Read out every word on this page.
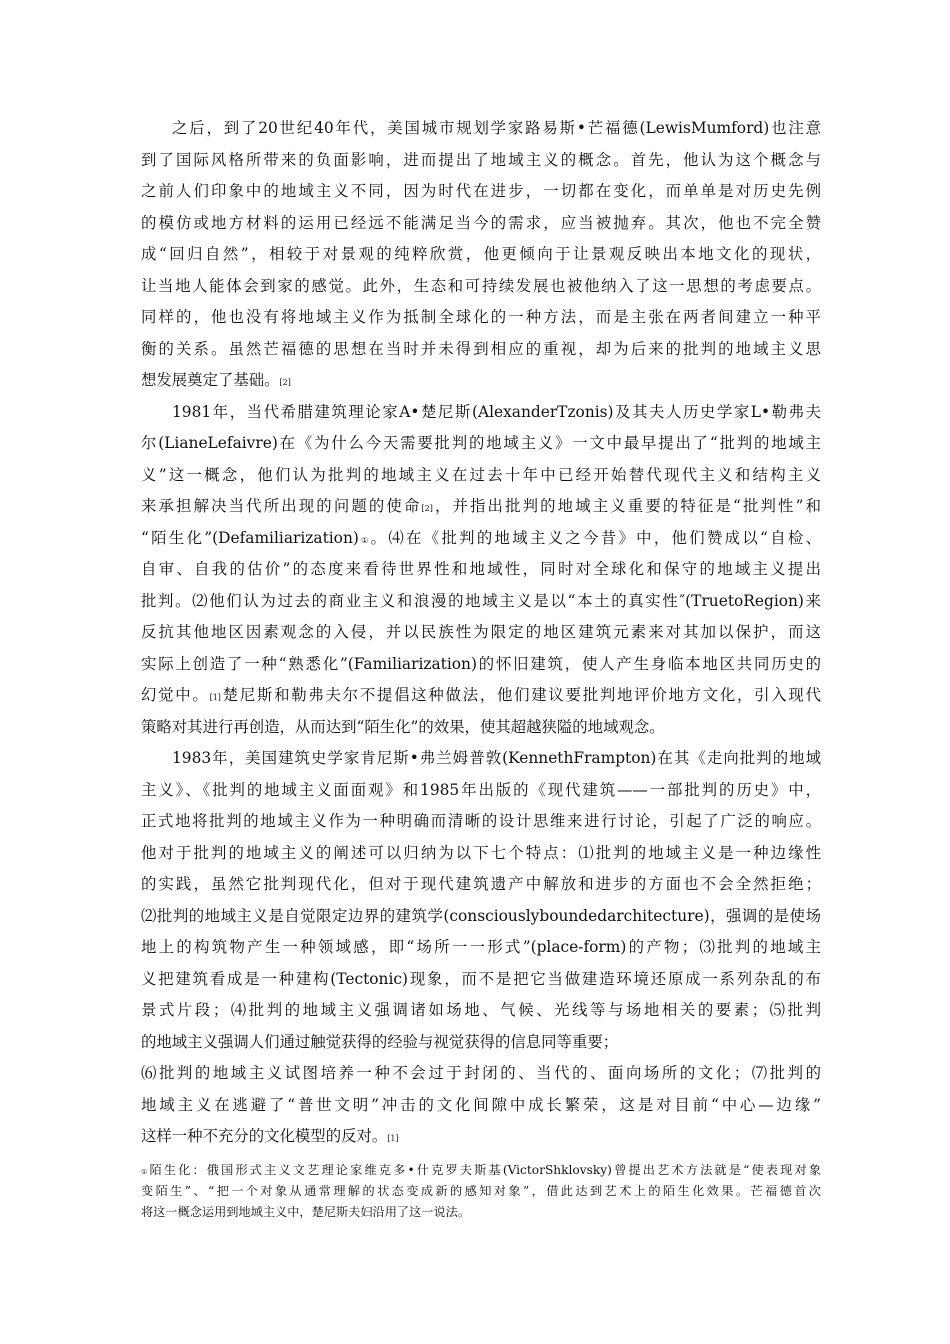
之后，到了20世纪40年代，美国城市规划学家路易斯•芒福德(LewisMumford)也注意
到了国际风格所带来的负面影响，进而提出了地域主义的概念。首先，他认为这个概念与
之前人们印象中的地域主义不同，因为时代在进步，一切都在变化，而单单是对历史先例
的模仿或地方材料的运用已经远不能满足当今的需求，应当被抛弃。其次，他也不完全赞
成“回归自然”，相较于对景观的纯粹欣赏，他更倾向于让景观反映出本地文化的现状，
让当地人能体会到家的感觉。此外，生态和可持续发展也被他纳入了这一思想的考虑要点。
同样的，他也没有将地域主义作为抵制全球化的一种方法，而是主张在两者间建立一种平
衡的关系。虽然芒福德的思想在当时并未得到相应的重视，却为后来的批判的地域主义思
想发展奠定了基础。[2]
1981年，当代希腊建筑理论家A•楚尼斯(AlexanderTzonis)及其夫人历史学家L•勒弗夫
尔(LianeLefaivre)在《为什么今天需要批判的地域主义》一文中最早提出了“批判的地域主
义”这一概念，他们认为批判的地域主义在过去十年中已经开始替代现代主义和结构主义
来承担解决当代所出现的问题的使命[2]，并指出批判的地域主义重要的特征是“批判性”和
“陌生化”(Defamiliarization)①。⑷在《批判的地域主义之今昔》中，他们赞成以“自检、
自审、自我的估价”的态度来看待世界性和地域性，同时对全球化和保守的地域主义提出
批判。⑵他们认为过去的商业主义和浪漫的地域主义是以“本土的真实性″(TruetoRegion)来
反抗其他地区因素观念的入侵，并以民族性为限定的地区建筑元素来对其加以保护，而这
实际上创造了一种“熟悉化”(Familiarization)的怀旧建筑，使人产生身临本地区共同历史的
幻觉中。[1]楚尼斯和勒弗夫尔不提倡这种做法，他们建议要批判地评价地方文化，引入现代
策略对其进行再创造，从而达到“陌生化”的效果，使其超越狭隘的地域观念。
1983年，美国建筑史学家肯尼斯•弗兰姆普敦(KennethFrampton)在其《走向批判的地域
主义》、《批判的地域主义面面观》和1985年出版的《现代建筑——一部批判的历史》中，
正式地将批判的地域主义作为一种明确而清晰的设计思维来进行讨论，引起了广泛的响应。
他对于批判的地域主义的阐述可以归纳为以下七个特点：⑴批判的地域主义是一种边缘性
的实践，虽然它批判现代化，但对于现代建筑遗产中解放和进步的方面也不会全然拒绝；
⑵批判的地域主义是自觉限定边界的建筑学(consciouslyboundedarchitecture)，强调的是使场
地上的构筑物产生一种领域感，即“场所一一形式”(place-form)的产物；⑶批判的地域主
义把建筑看成是一种建构(Tectonic)现象，而不是把它当做建造环境还原成一系列杂乱的布
景式片段；⑷批判的地域主义强调诸如场地、气候、光线等与场地相关的要素；⑸批判
的地域主义强调人们通过触觉获得的经验与视觉获得的信息同等重要；
⑹批判的地域主义试图培养一种不会过于封闭的、当代的、面向场所的文化；⑺批判的
地域主义在逃避了“普世文明”冲击的文化间隙中成长繁荣，这是对目前“中心—边缘”
这样一种不充分的文化模型的反对。[1]
①陌生化：俄国形式主义文艺理论家维克多•什克罗夫斯基(VictorShklovsky)曾提出艺术方法就是“使表现对象
变陌生”、“把一个对象从通常理解的状态变成新的感知对象”，借此达到艺术上的陌生化效果。芒福德首次
将这一概念运用到地域主义中，楚尼斯夫妇沿用了这一说法。
